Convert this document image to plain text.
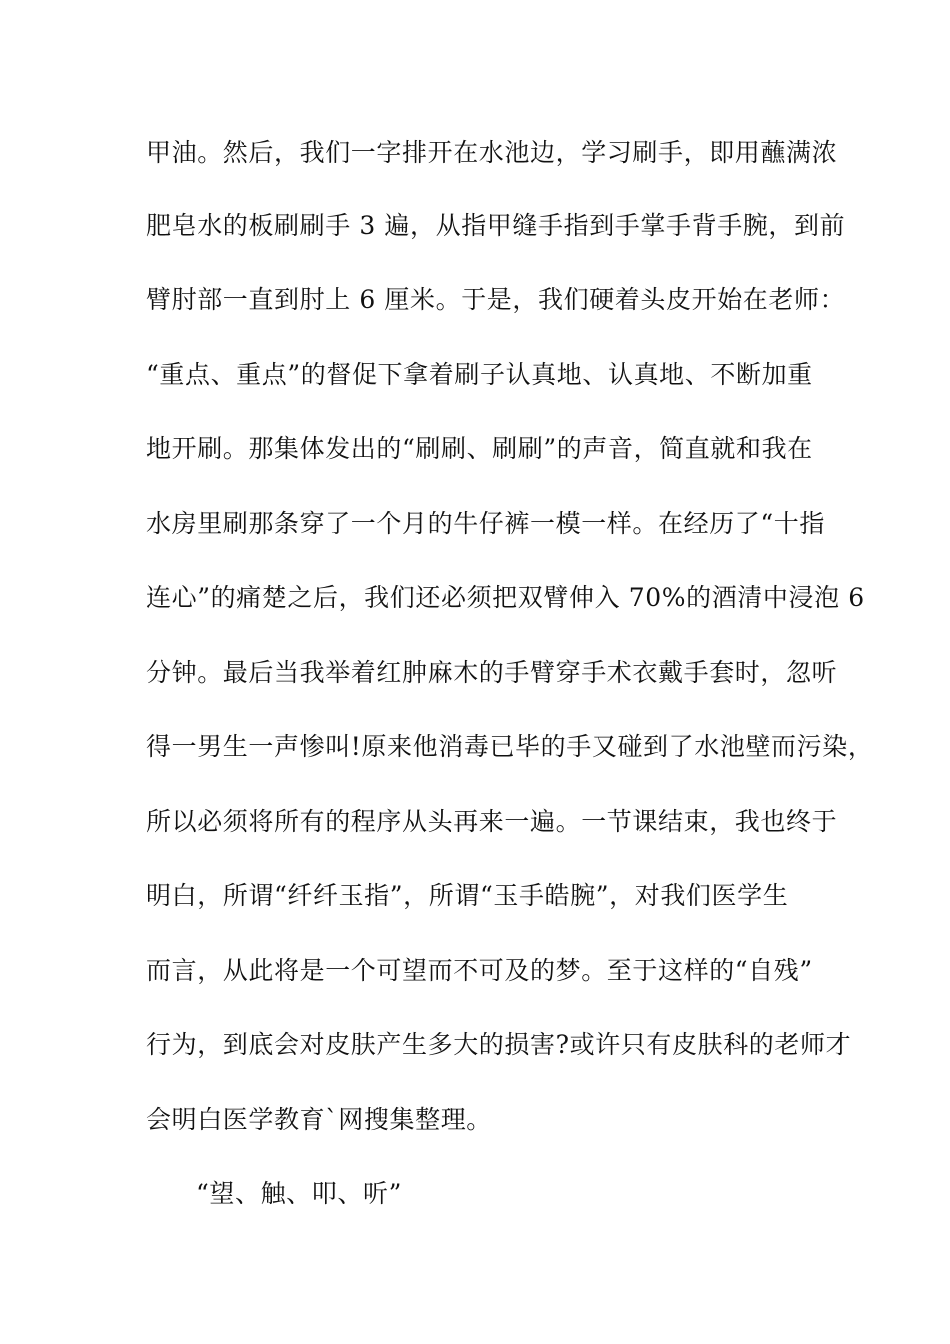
甲油。然后，我们一字排开在水池边，学习刷手，即用蘸满浓
肥皂水的板刷刷手 3 遍，从指甲缝手指到手掌手背手腕，到前
臂肘部一直到肘上 6 厘米。于是，我们硬着头皮开始在老师：
“重点、重点”的督促下拿着刷子认真地、认真地、不断加重
地开刷。那集体发出的“刷刷、刷刷”的声音，简直就和我在
水房里刷那条穿了一个月的牛仔裤一模一样。在经历了“十指
连心”的痛楚之后，我们还必须把双臂伸入 70%的酒清中浸泡 6
分钟。最后当我举着红肿麻木的手臂穿手术衣戴手套时，忽听
得一男生一声惨叫!原来他消毒已毕的手又碰到了水池壁而污染，
所以必须将所有的程序从头再来一遍。一节课结束，我也终于
明白，所谓“纤纤玉指”，所谓“玉手皓腕”，对我们医学生
而言，从此将是一个可望而不可及的梦。至于这样的“自残”
行为，到底会对皮肤产生多大的损害?或许只有皮肤科的老师才
会明白医学教育`网搜集整理。
“望、触、叩、听”
